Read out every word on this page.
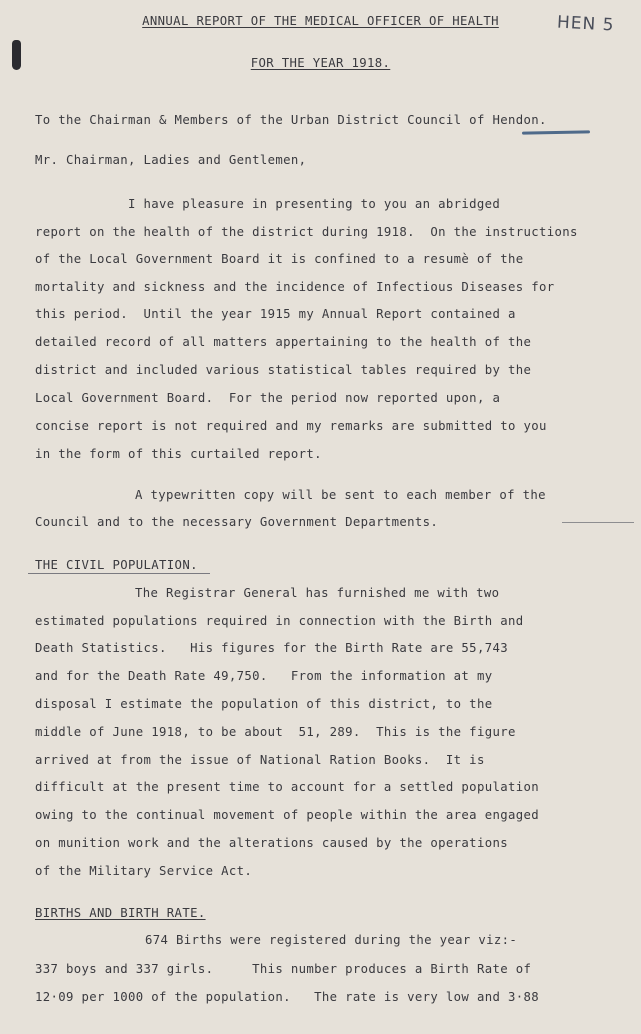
HEN 5
ANNUAL REPORT OF THE MEDICAL OFFICER OF HEALTH
FOR THE YEAR 1918.
To the Chairman & Members of the Urban District Council of Hendon.
Mr. Chairman, Ladies and Gentlemen,
I have pleasure in presenting to you an abridged
report on the health of the district during 1918.  On the instructions
of the Local Government Board it is confined to a resumè of the
mortality and sickness and the incidence of Infectious Diseases for
this period.  Until the year 1915 my Annual Report contained a
detailed record of all matters appertaining to the health of the
district and included various statistical tables required by the
Local Government Board.  For the period now reported upon, a
concise report is not required and my remarks are submitted to you
in the form of this curtailed report.
A typewritten copy will be sent to each member of the
Council and to the necessary Government Departments.
THE CIVIL POPULATION.
The Registrar General has furnished me with two
estimated populations required in connection with the Birth and
Death Statistics.   His figures for the Birth Rate are 55,743
and for the Death Rate 49,750.   From the information at my
disposal I estimate the population of this district, to the
middle of June 1918, to be about  51, 289.  This is the figure
arrived at from the issue of National Ration Books.  It is
difficult at the present time to account for a settled population
owing to the continual movement of people within the area engaged
on munition work and the alterations caused by the operations
of the Military Service Act.
BIRTHS AND BIRTH RATE.
674 Births were registered during the year viz:-
337 boys and 337 girls.     This number produces a Birth Rate of
12·09 per 1000 of the population.   The rate is very low and 3·88
